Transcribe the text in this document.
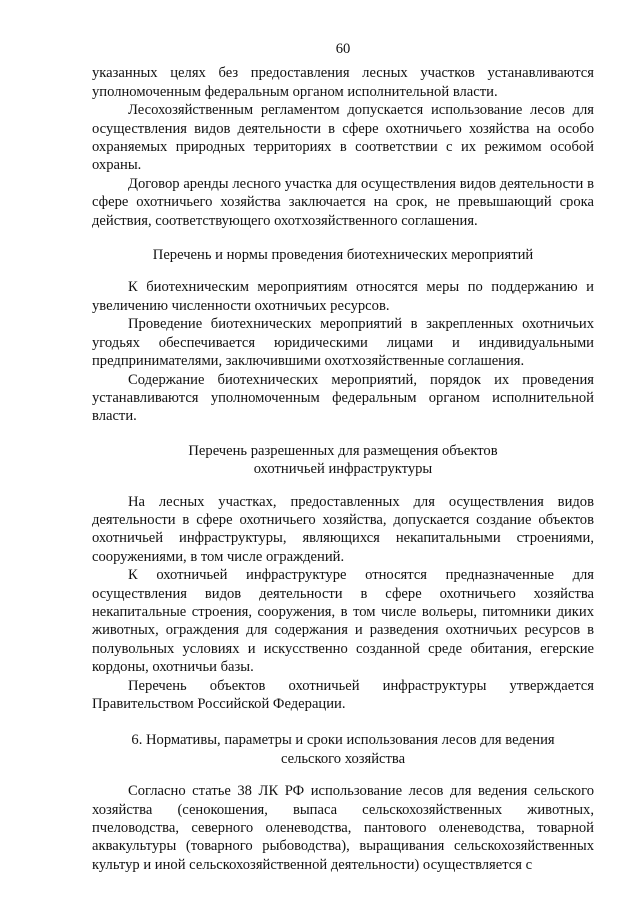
60

указанных целях без предоставления лесных участков устанавливаются уполномоченным федеральным органом исполнительной власти.

Лесохозяйственным регламентом допускается использование лесов для осуществления видов деятельности в сфере охотничьего хозяйства на особо охраняемых природных территориях в соответствии с их режимом особой охраны.

Договор аренды лесного участка для осуществления видов деятельности в сфере охотничьего хозяйства заключается на срок, не превышающий срока действия, соответствующего охотхозяйственного соглашения.

Перечень и нормы проведения биотехнических мероприятий

К биотехническим мероприятиям относятся меры по поддержанию и увеличению численности охотничьих ресурсов.

Проведение биотехнических мероприятий в закрепленных охотничьих угодьях обеспечивается юридическими лицами и индивидуальными предпринимателями, заключившими охотхозяйственные соглашения.

Содержание биотехнических мероприятий, порядок их проведения устанавливаются уполномоченным федеральным органом исполнительной власти.

Перечень разрешенных для размещения объектов
охотничьей инфраструктуры

На лесных участках, предоставленных для осуществления видов деятельности в сфере охотничьего хозяйства, допускается создание объектов охотничьей инфраструктуры, являющихся некапитальными строениями, сооружениями, в том числе ограждений.

К охотничьей инфраструктуре относятся предназначенные для осуществления видов деятельности в сфере охотничьего хозяйства некапитальные строения, сооружения, в том числе вольеры, питомники диких животных, ограждения для содержания и разведения охотничьих ресурсов в полувольных условиях и искусственно созданной среде обитания, егерские кордоны, охотничьи базы.

Перечень объектов охотничьей инфраструктуры утверждается Правительством Российской Федерации.

6. Нормативы, параметры и сроки использования лесов для ведения
сельского хозяйства

Согласно статье 38 ЛК РФ использование лесов для ведения сельского хозяйства (сенокошения, выпаса сельскохозяйственных животных, пчеловодства, северного оленеводства, пантового оленеводства, товарной аквакультуры (товарного рыбоводства), выращивания сельскохозяйственных культур и иной сельскохозяйственной деятельности) осуществляется с
